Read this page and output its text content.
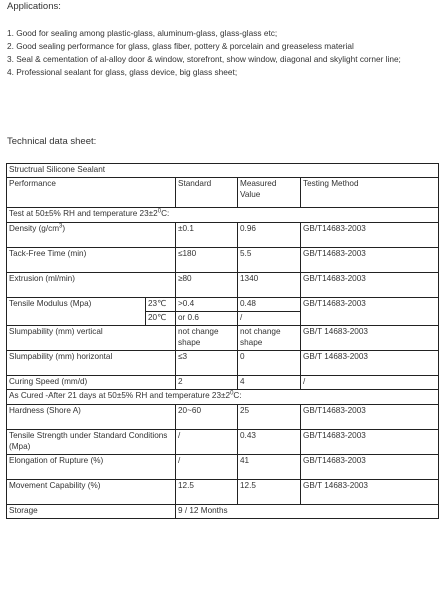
Applications:
1. Good for sealing among plastic-glass, aluminum-glass, glass-glass etc;
2. Good sealing performance for glass, glass fiber, pottery & porcelain and greaseless material
3. Seal & cementation of al-alloy door & window, storefront, show window, diagonal and skylight corner line;
4. Professional sealant for glass, glass device, big glass sheet;
Technical data sheet:
Structrual Silicone Sealant				
Performance		Standard	Measured Value	Testing Method
Test at 50±5% RH and temperature $23\pm 2^0C$:				
Density $(g/cm^3)$		±0.1	0.96	GB/T14683-2003
Tack-Free Time (min)		≤180	5.5	GB/T14683-2003
Extrusion (ml/min)		≥80	1340	GB/T14683-2003
Tensile Modulus (Mpa)	23℃	>0.4	0.48	GB/T14683-2003
	20℃	or 0.6	/	
Slumpability (mm) vertical		not change shape	not change shape	GB/T 14683-2003
Slumpability (mm) horizontal		≤3	0	GB/T 14683-2003
Curing Speed (mm/d)		2	4	/
As Cured -After 21 days at 50±5% RH and temperature $23\pm 2^0C$:				
Hardness (Shore A)		20~60	25	GB/T14683-2003
Tensile Strength under Standard Conditions (Mpa)		/	0.43	GB/T14683-2003
Elongation of Rupture (%)		/	41	GB/T14683-2003
Movement Capability (%)		12.5	12.5	GB/T 14683-2003
Storage		9 / 12 Months		
